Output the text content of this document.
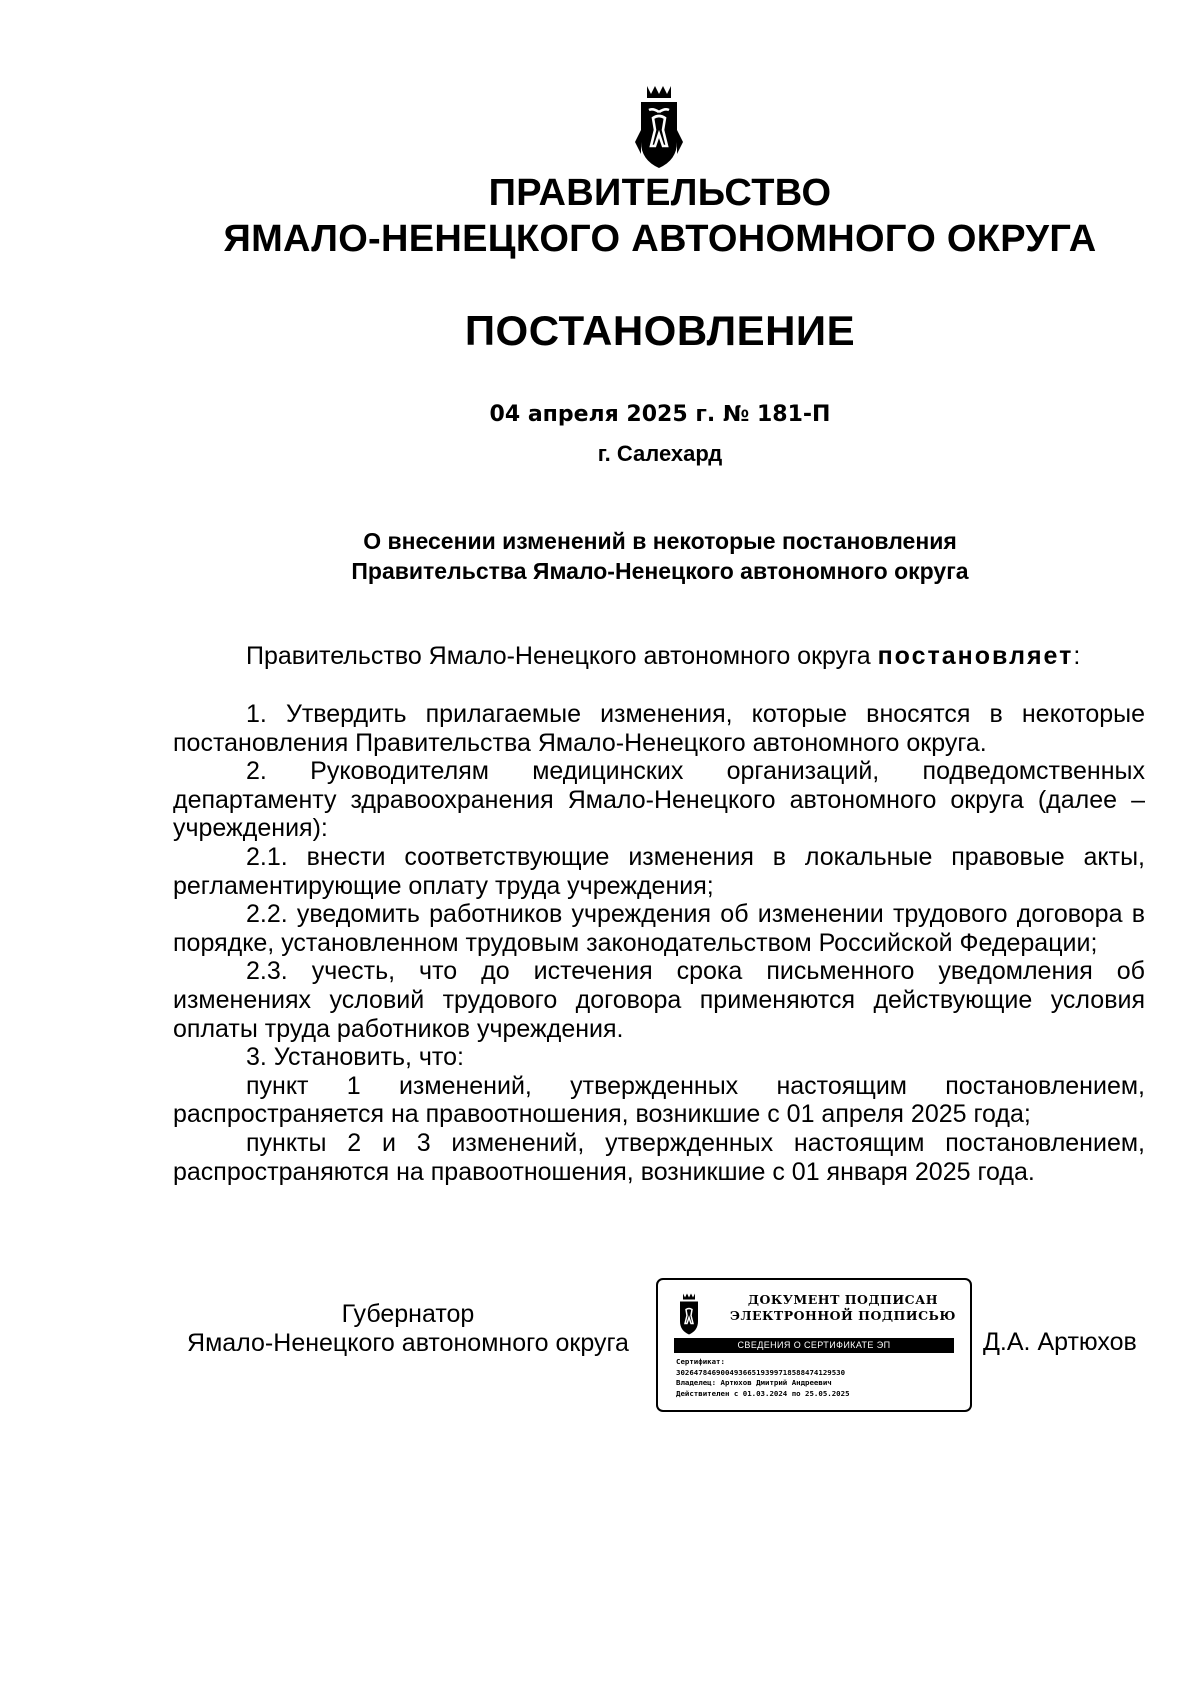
ПРАВИТЕЛЬСТВО
ЯМАЛО-НЕНЕЦКОГО АВТОНОМНОГО ОКРУГА
ПОСТАНОВЛЕНИЕ
04 апреля 2025 г. № 181-П
г. Салехард
О внесении изменений в некоторые постановления
Правительства Ямало-Ненецкого автономного округа
Правительство Ямало-Ненецкого автономного округа постановляет:

1. Утвердить прилагаемые изменения, которые вносятся в некоторые постановления Правительства Ямало-Ненецкого автономного округа.

2. Руководителям медицинских организаций, подведомственных департаменту здравоохранения Ямало-Ненецкого автономного округа (далее – учреждения):

2.1. внести соответствующие изменения в локальные правовые акты, регламентирующие оплату труда учреждения;

2.2. уведомить работников учреждения об изменении трудового договора в порядке, установленном трудовым законодательством Российской Федерации;

2.3. учесть, что до истечения срока письменного уведомления об изменениях условий трудового договора применяются действующие условия оплаты труда работников учреждения.

3. Установить, что:

пункт 1 изменений, утвержденных настоящим постановлением, распространяется на правоотношения, возникшие с 01 апреля 2025 года;

пункты 2 и 3 изменений, утвержденных настоящим постановлением, распространяются на правоотношения, возникшие с 01 января 2025 года.

Губернатор
Ямало-Ненецкого автономного округа
ДОКУМЕНТ ПОДПИСАН
ЭЛЕКТРОННОЙ ПОДПИСЬЮ
СВЕДЕНИЯ О СЕРТИФИКАТЕ ЭП
Сертификат:
30264784690049366519399718588474129530
Владелец: Артюхов Дмитрий Андреевич
Действителен с 01.03.2024 по 25.05.2025
Д.А. Артюхов
